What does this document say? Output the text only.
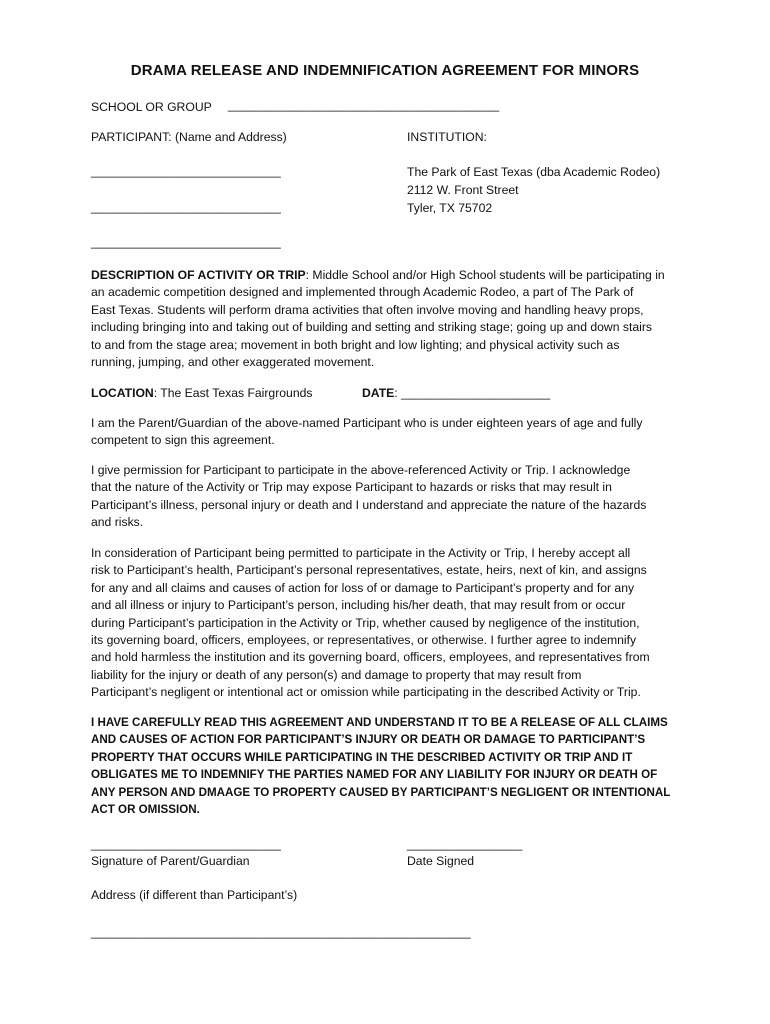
DRAMA RELEASE AND INDEMNIFICATION AGREEMENT FOR MINORS
SCHOOL OR GROUP ________________________________________
PARTICIPANT: (Name and Address)	INSTITUTION:
____________________________
____________________________
____________________________
The Park of East Texas (dba Academic Rodeo)
2112 W. Front Street
Tyler, TX 75702
DESCRIPTION OF ACTIVITY OR TRIP: Middle School and/or High School students will be participating in
an academic competition designed and implemented through Academic Rodeo, a part of The Park of
East Texas. Students will perform drama activities that often involve moving and handling heavy props,
including bringing into and taking out of building and setting and striking stage; going up and down stairs
to and from the stage area; movement in both bright and low lighting; and physical activity such as
running, jumping, and other exaggerated movement.
LOCATION: The East Texas Fairgrounds	DATE: ______________________
I am the Parent/Guardian of the above-named Participant who is under eighteen years of age and fully
competent to sign this agreement.
I give permission for Participant to participate in the above-referenced Activity or Trip. I acknowledge
that the nature of the Activity or Trip may expose Participant to hazards or risks that may result in
Participant’s illness, personal injury or death and I understand and appreciate the nature of the hazards
and risks.
In consideration of Participant being permitted to participate in the Activity or Trip, I hereby accept all
risk to Participant’s health, Participant’s personal representatives, estate, heirs, next of kin, and assigns
for any and all claims and causes of action for loss of or damage to Participant’s property and for any
and all illness or injury to Participant’s person, including his/her death, that may result from or occur
during Participant’s participation in the Activity or Trip, whether caused by negligence of the institution,
its governing board, officers, employees, or representatives, or otherwise. I further agree to indemnify
and hold harmless the institution and its governing board, officers, employees, and representatives from
liability for the injury or death of any person(s) and damage to property that may result from
Participant’s negligent or intentional act or omission while participating in the described Activity or Trip.
I HAVE CAREFULLY READ THIS AGREEMENT AND UNDERSTAND IT TO BE A RELEASE OF ALL CLAIMS
AND CAUSES OF ACTION FOR PARTICIPANT’S INJURY OR DEATH OR DAMAGE TO PARTICIPANT’S
PROPERTY THAT OCCURS WHILE PARTICIPATING IN THE DESCRIBED ACTIVITY OR TRIP AND IT
OBLIGATES ME TO INDEMNIFY THE PARTIES NAMED FOR ANY LIABILITY FOR INJURY OR DEATH OF
ANY PERSON AND DMAAGE TO PROPERTY CAUSED BY PARTICIPANT’S NEGLIGENT OR INTENTIONAL
ACT OR OMISSION.
____________________________
Signature of Parent/Guardian
_________________
Date Signed
Address (if different than Participant’s)
________________________________________________________
